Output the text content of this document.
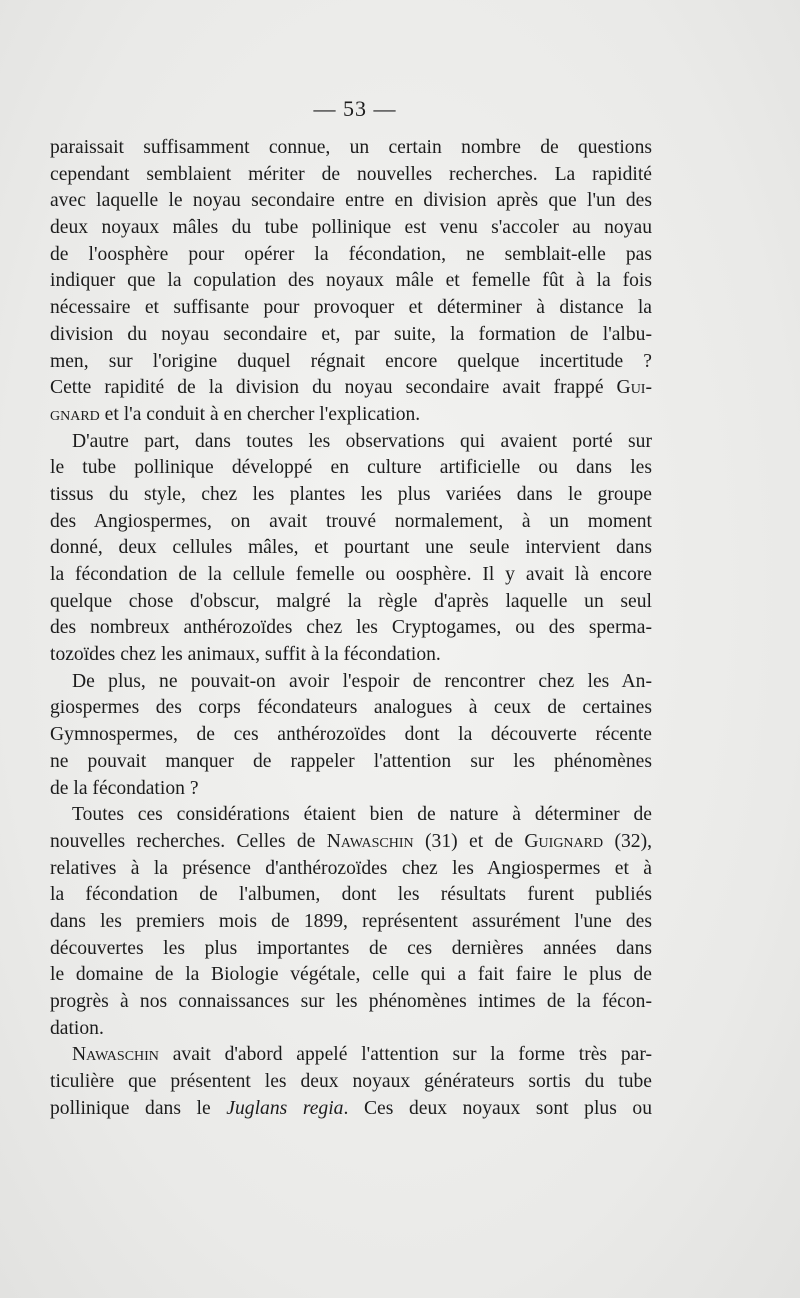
— 53 —
paraissait suffisamment connue, un certain nombre de questions
cependant semblaient mériter de nouvelles recherches. La rapidité
avec laquelle le noyau secondaire entre en division après que l'un des
deux noyaux mâles du tube pollinique est venu s'accoler au noyau
de l'oosphère pour opérer la fécondation, ne semblait-elle pas
indiquer que la copulation des noyaux mâle et femelle fût à la fois
nécessaire et suffisante pour provoquer et déterminer à distance la
division du noyau secondaire et, par suite, la formation de l'albu-
men, sur l'origine duquel régnait encore quelque incertitude ?
Cette rapidité de la division du noyau secondaire avait frappé Gui-
gnard et l'a conduit à en chercher l'explication.
D'autre part, dans toutes les observations qui avaient porté sur
le tube pollinique développé en culture artificielle ou dans les
tissus du style, chez les plantes les plus variées dans le groupe
des Angiospermes, on avait trouvé normalement, à un moment
donné, deux cellules mâles, et pourtant une seule intervient dans
la fécondation de la cellule femelle ou oosphère. Il y avait là encore
quelque chose d'obscur, malgré la règle d'après laquelle un seul
des nombreux anthérozoïdes chez les Cryptogames, ou des sperma-
tozoïdes chez les animaux, suffit à la fécondation.
De plus, ne pouvait-on avoir l'espoir de rencontrer chez les An-
giospermes des corps fécondateurs analogues à ceux de certaines
Gymnospermes, de ces anthérozoïdes dont la découverte récente
ne pouvait manquer de rappeler l'attention sur les phénomènes
de la fécondation ?
Toutes ces considérations étaient bien de nature à déterminer de
nouvelles recherches. Celles de Nawaschin (31) et de Guignard (32),
relatives à la présence d'anthérozoïdes chez les Angiospermes et à
la fécondation de l'albumen, dont les résultats furent publiés
dans les premiers mois de 1899, représentent assurément l'une des
découvertes les plus importantes de ces dernières années dans
le domaine de la Biologie végétale, celle qui a fait faire le plus de
progrès à nos connaissances sur les phénomènes intimes de la fécon-
dation.
Nawaschin avait d'abord appelé l'attention sur la forme très par-
ticulière que présentent les deux noyaux générateurs sortis du tube
pollinique dans le Juglans regia. Ces deux noyaux sont plus ou
